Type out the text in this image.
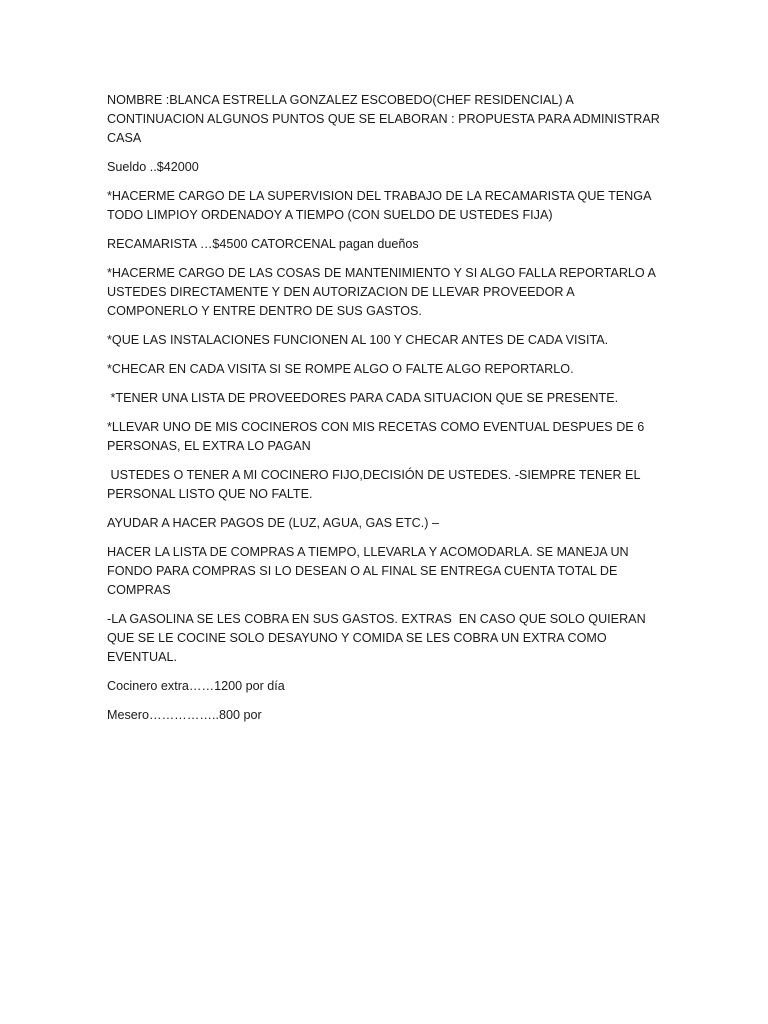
NOMBRE :BLANCA ESTRELLA GONZALEZ ESCOBEDO(CHEF RESIDENCIAL) A CONTINUACION ALGUNOS PUNTOS QUE SE ELABORAN : PROPUESTA PARA ADMINISTRAR CASA

Sueldo ..$42000

*HACERME CARGO DE LA SUPERVISION DEL TRABAJO DE LA RECAMARISTA QUE TENGA TODO LIMPIOY ORDENADOY A TIEMPO (CON SUELDO DE USTEDES FIJA)

RECAMARISTA …$4500 CATORCENAL pagan dueños

*HACERME CARGO DE LAS COSAS DE MANTENIMIENTO Y SI ALGO FALLA REPORTARLO A USTEDES DIRECTAMENTE Y DEN AUTORIZACION DE LLEVAR PROVEEDOR A COMPONERLO Y ENTRE DENTRO DE SUS GASTOS.

*QUE LAS INSTALACIONES FUNCIONEN AL 100 Y CHECAR ANTES DE CADA VISITA.

*CHECAR EN CADA VISITA SI SE ROMPE ALGO O FALTE ALGO REPORTARLO.

*TENER UNA LISTA DE PROVEEDORES PARA CADA SITUACION QUE SE PRESENTE.

*LLEVAR UNO DE MIS COCINEROS CON MIS RECETAS COMO EVENTUAL DESPUES DE 6 PERSONAS, EL EXTRA LO PAGAN

USTEDES O TENER A MI COCINERO FIJO,DECISIÓN DE USTEDES. -SIEMPRE TENER EL PERSONAL LISTO QUE NO FALTE.

AYUDAR A HACER PAGOS DE (LUZ, AGUA, GAS ETC.) –

HACER LA LISTA DE COMPRAS A TIEMPO, LLEVARLA Y ACOMODARLA. SE MANEJA UN FONDO PARA COMPRAS SI LO DESEAN O AL FINAL SE ENTREGA CUENTA TOTAL DE COMPRAS

-LA GASOLINA SE LES COBRA EN SUS GASTOS. EXTRAS  EN CASO QUE SOLO QUIERAN QUE SE LE COCINE SOLO DESAYUNO Y COMIDA SE LES COBRA UN EXTRA COMO EVENTUAL.

Cocinero extra……1200 por día

Mesero……………..800 por
